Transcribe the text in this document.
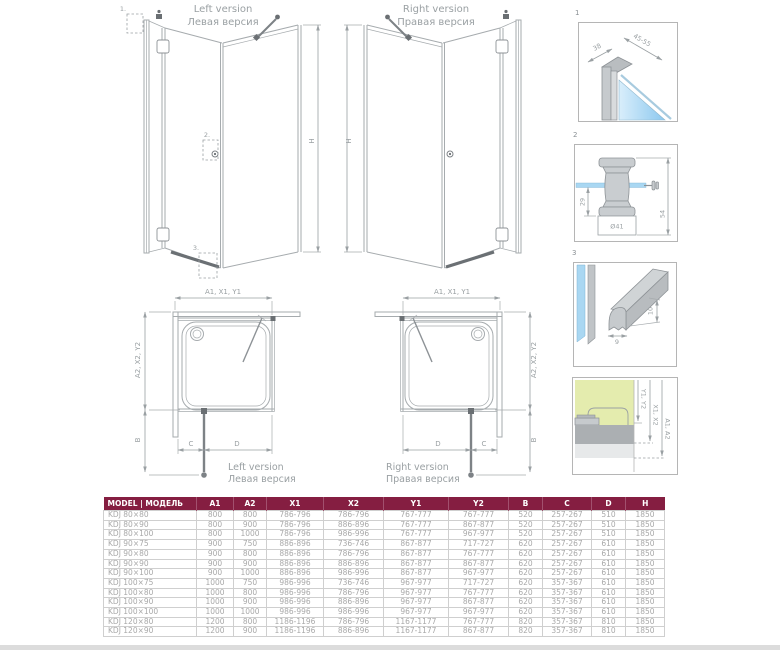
Left version
Левая версия
Right version
Правая версия
1.
2.
3.
H	H
A1, X1, Y1
A2, X2, Y2
B	C	D
A1, X1, Y1
A2, X2, Y2
B
C
D
Left version
Левая версия
Right version
Правая версия
1
38	45-55
2
Ø41
29
54
3
9
10
Y1, Y2
X1, X2
A1, A2
MODEL | МОДЕЛЬ	A1	A2	X1	X2	Y1	Y2	B	C	D	H
KDJ 80×80	800	800	786-796	786-796	767-777	767-777	520	257-267	510	1850
KDJ 80×90	800	900	786-796	886-896	767-777	867-877	520	257-267	510	1850
KDJ 80×100	800	1000	786-796	986-996	767-777	967-977	520	257-267	510	1850
KDJ 90×75	900	750	886-896	736-746	867-877	717-727	620	257-267	610	1850
KDJ 90×80	900	800	886-896	786-796	867-877	767-777	620	257-267	610	1850
KDJ 90×90	900	900	886-896	886-896	867-877	867-877	620	257-267	610	1850
KDJ 90×100	900	1000	886-896	986-996	867-877	967-977	620	257-267	610	1850
KDJ 100×75	1000	750	986-996	736-746	967-977	717-727	620	357-367	610	1850
KDJ 100×80	1000	800	986-996	786-796	967-977	767-777	620	357-367	610	1850
KDJ 100×90	1000	900	986-996	886-896	967-977	867-877	620	357-367	610	1850
KDJ 100×100	1000	1000	986-996	986-996	967-977	967-977	620	357-367	610	1850
KDJ 120×80	1200	800	1186-1196	786-796	1167-1177	767-777	820	357-367	810	1850
KDJ 120×90	1200	900	1186-1196	886-896	1167-1177	867-877	820	357-367	810	1850
